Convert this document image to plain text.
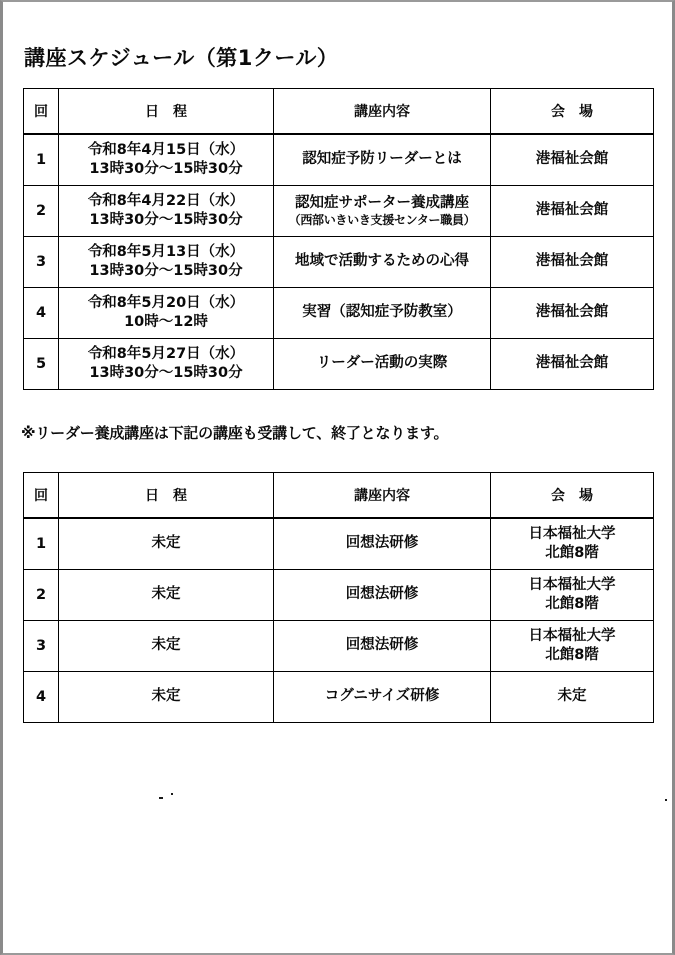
講座スケジュール（第1クール）
回	日　程	講座内容	会　場
1	令和8年4月15日（水）
13時30分～15時30分	認知症予防リーダーとは	港福祉会館

2	令和8年4月22日（水）
13時30分～15時30分	認知症サポーター養成講座
（西部いきいき支援センター職員）	港福祉会館

3	令和8年5月13日（水）
13時30分～15時30分	地域で活動するための心得	港福祉会館

4	令和8年5月20日（水）
10時～12時	実習（認知症予防教室）	港福祉会館

5	令和8年5月27日（水）
13時30分～15時30分	リーダー活動の実際	港福祉会館
※リーダー養成講座は下記の講座も受講して、終了となります。
回	日　程	講座内容	会　場
1	未定	回想法研修	日本福祉大学
北館8階

2	未定	回想法研修	日本福祉大学
北館8階

3	未定	回想法研修	日本福祉大学
北館8階

4	未定	コグニサイズ研修	未定
